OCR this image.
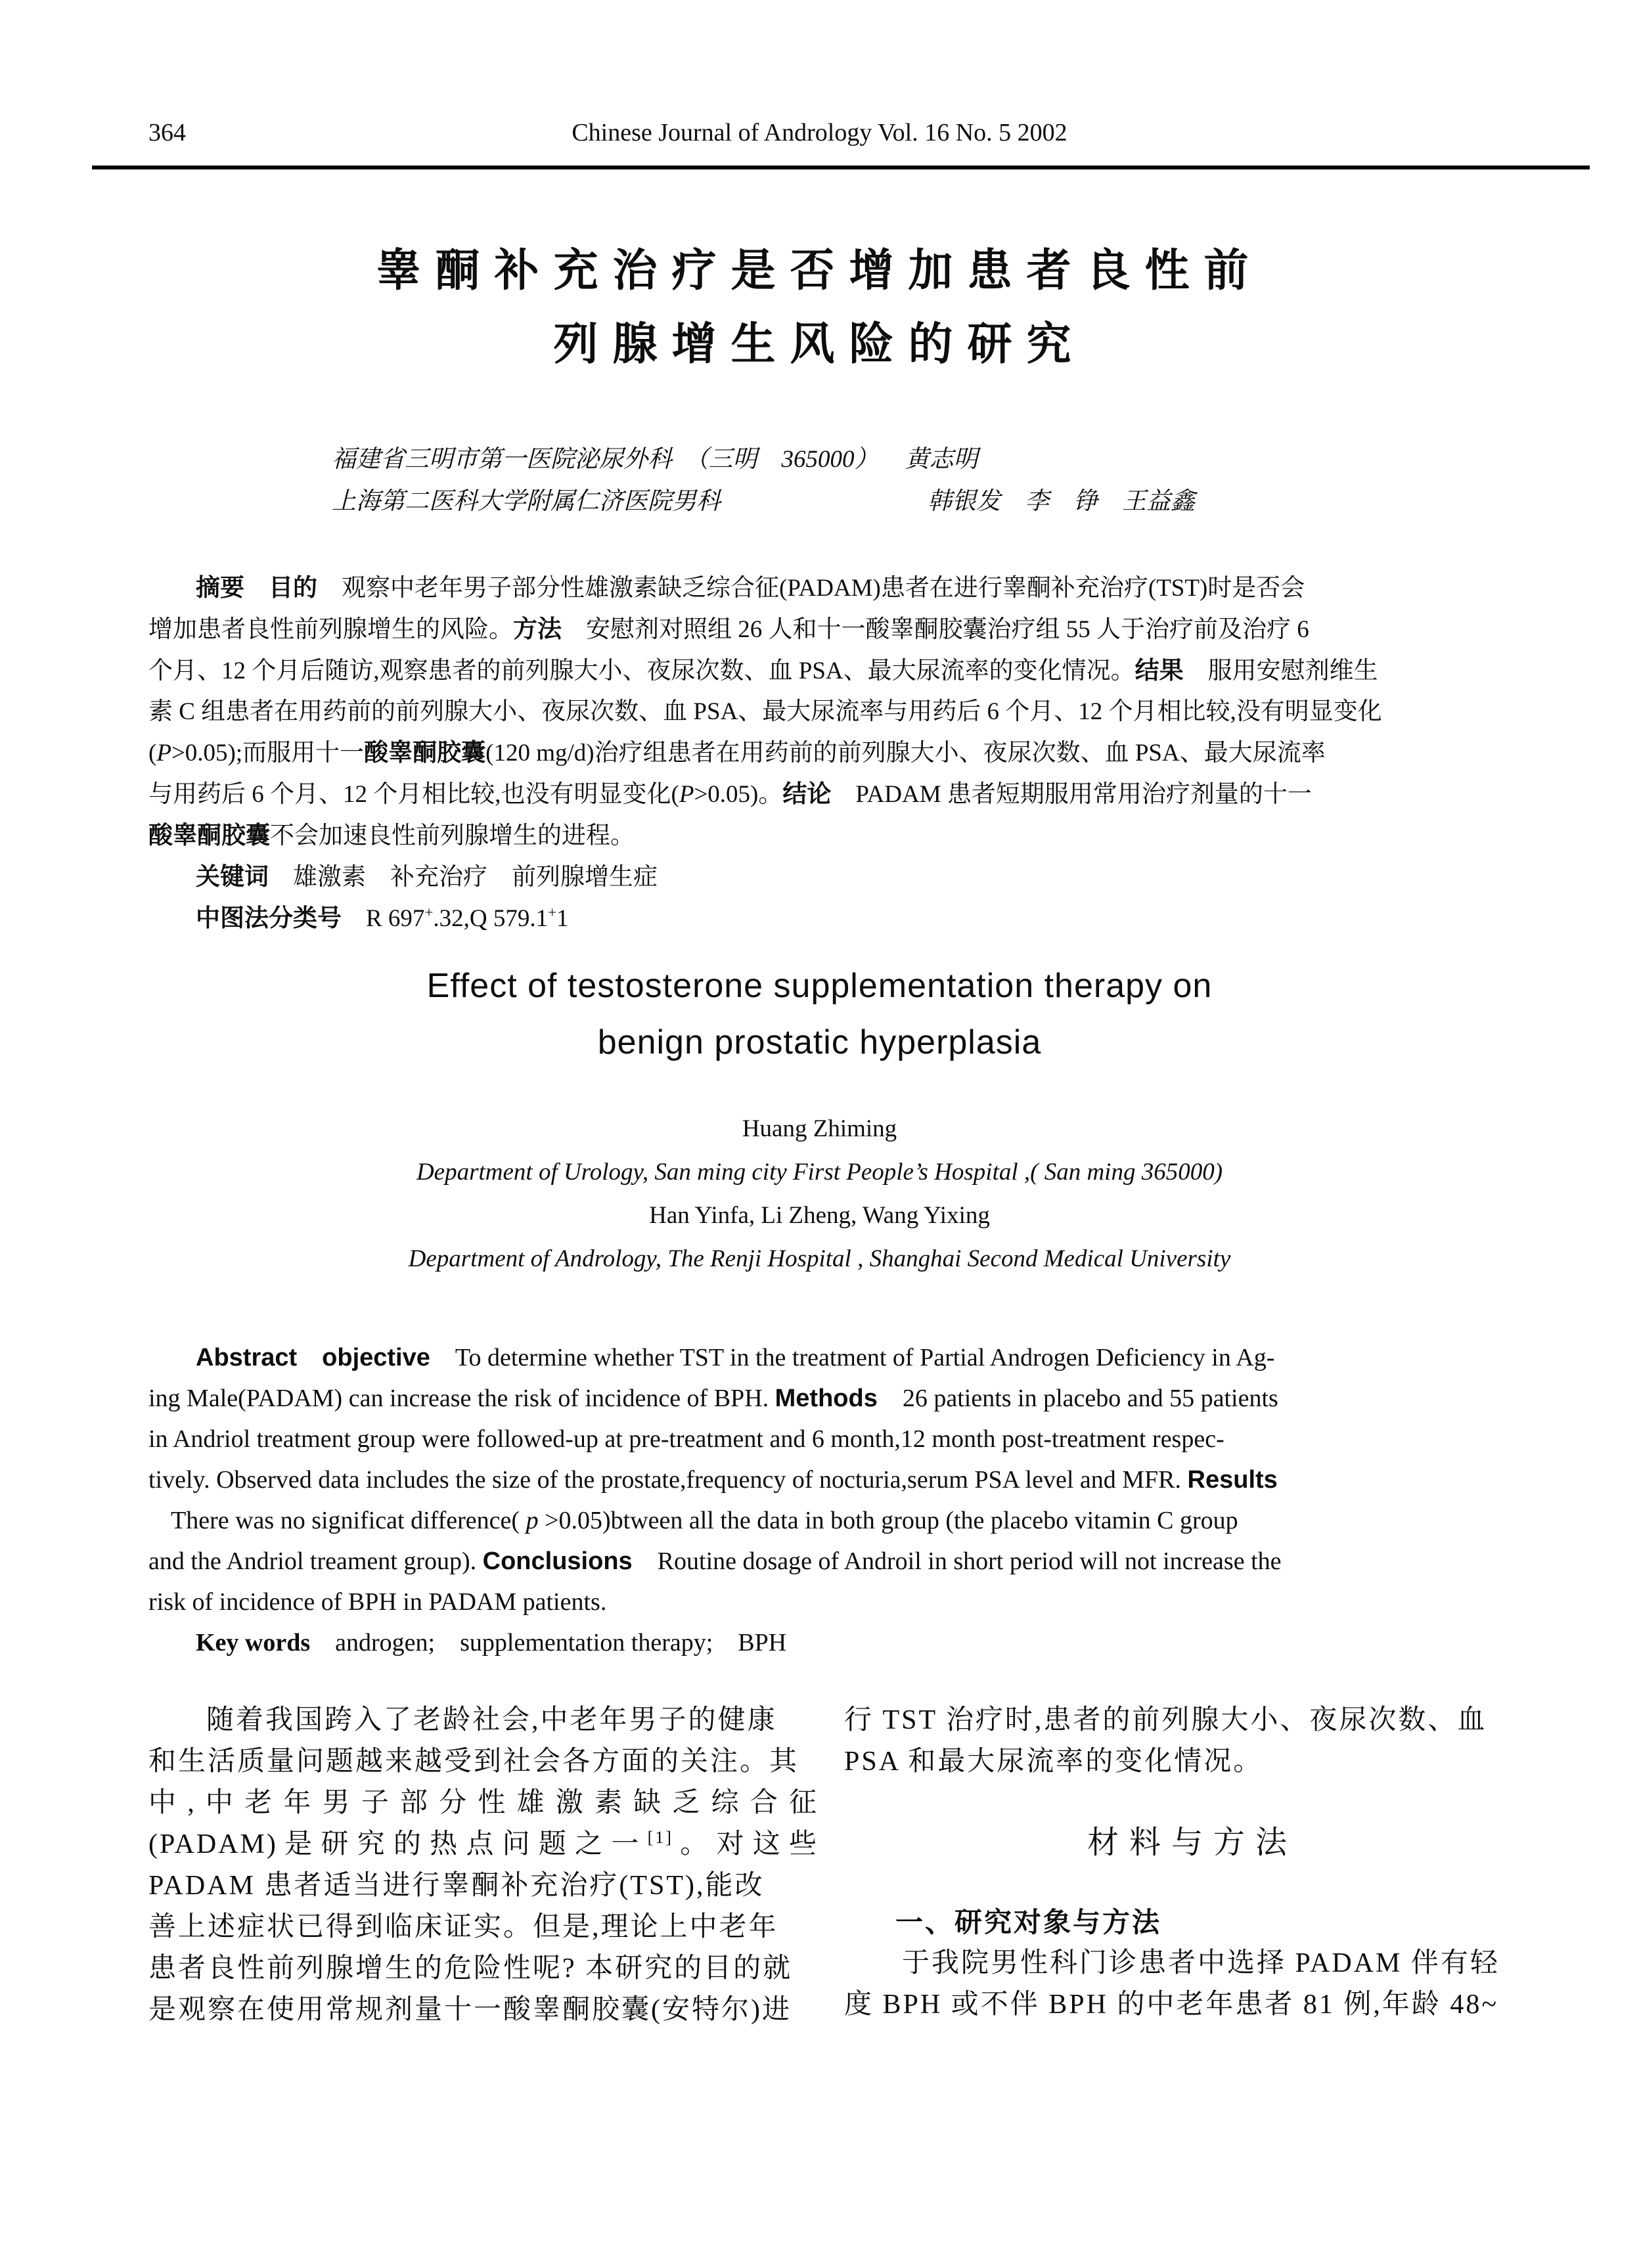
364	Chinese Journal of Andrology Vol. 16 No. 5 2002
睾酮补充治疗是否增加患者良性前
列腺增生风险的研究
福建省三明市第一医院泌尿外科　（三明　365000） 黄志明
上海第二医科大学附属仁济医院男科	韩银发　李　铮　王益鑫
摘要　 目的　观察中老年男子部分性雄激素缺乏综合征(PADAM)患者在进行睾酮补充治疗(TST)时是否会
增加患者良性前列腺增生的风险。方法　安慰剂对照组 26 人和十一酸睾酮胶囊治疗组 55 人于治疗前及治疗 6
个月、12 个月后随访,观察患者的前列腺大小、夜尿次数、血 PSA、最大尿流率的变化情况。结果　服用安慰剂维生
素 C 组患者在用药前的前列腺大小、夜尿次数、血 PSA、最大尿流率与用药后 6 个月、12 个月相比较,没有明显变化
(P>0.05);而服用十一酸睾酮胶囊(120 mg/d)治疗组患者在用药前的前列腺大小、夜尿次数、血 PSA、最大尿流率
与用药后 6 个月、12 个月相比较,也没有明显变化(P>0.05)。结论　PADAM 患者短期服用常用治疗剂量的十一
酸睾酮胶囊不会加速良性前列腺增生的进程。
关键词　雄激素　补充治疗　前列腺增生症
中图法分类号　R 697+.32,Q 579.1+1
Effect of testosterone supplementation therapy on
benign prostatic hyperplasia
Huang Zhiming
Department of Urology, San ming city First People’s Hospital ,( San ming 365000)
Han Yinfa, Li Zheng, Wang Yixing
Department of Andrology, The Renji Hospital , Shanghai Second Medical University
Abstract   objective  To determine whether TST in the treatment of Partial Androgen Deficiency in Ag-
ing Male(PADAM) can increase the risk of incidence of BPH. Methods  26 patients in placebo and 55 patients
in Andriol treatment group were followed-up at pre-treatment and 6 month,12 month post-treatment respec-
tively. Observed data includes the size of the prostate,frequency of nocturia,serum PSA level and MFR. Results
There was no significat difference( p >0.05)btween all the data in both group (the placebo vitamin C group
and the Andriol treament group). Conclusions  Routine dosage of Androil in short period will not increase the
risk of incidence of BPH in PADAM patients.
Key words  androgen;  supplementation therapy;  BPH
随着我国跨入了老龄社会,中老年男子的健康
和生活质量问题越来越受到社会各方面的关注。其
中,中老年男子部分性雄激素缺乏综合征
(PADAM)是研究的热点问题之一[1]。对这些
PADAM 患者适当进行睾酮补充治疗(TST),能改
善上述症状已得到临床证实。但是,理论上中老年
患者良性前列腺增生的危险性呢? 本研究的目的就
是观察在使用常规剂量十一酸睾酮胶囊(安特尔)进
行 TST 治疗时,患者的前列腺大小、夜尿次数、血
PSA 和最大尿流率的变化情况。
材料与方法
一、研究对象与方法
于我院男性科门诊患者中选择 PADAM 伴有轻
度 BPH 或不伴 BPH 的中老年患者 81 例,年龄 48~
